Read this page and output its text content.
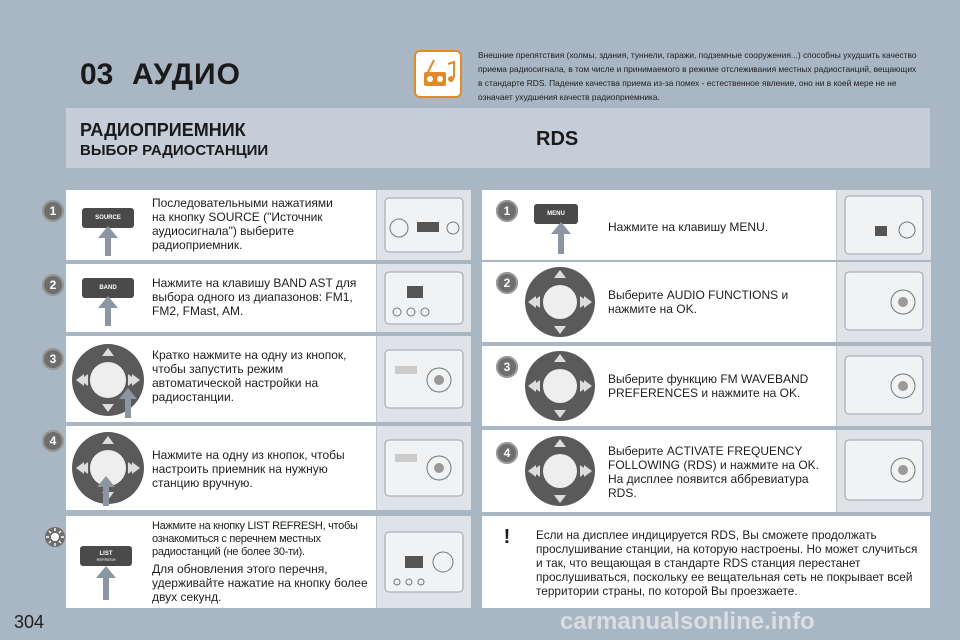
03 АУДИО
Внешние препятствия (холмы, здания, туннели, гаражи, подземные сооружения...) способны ухудшить качество приема радиосигнала, в том числе и принимаемого в режиме отслеживания местных радиостанций, вещающих в стандарте RDS. Падение качества приема из-за помех - естественное явление, оно ни в коей мере не не означает ухудшения качеств радиоприемника.
РАДИОПРИЕМНИК
ВЫБОР РАДИОСТАНЦИИ
RDS
1	SOURCE
Последовательными нажатиями на кнопку SOURCE ("Источник аудиосигнала") выберите радиоприемник.
2	BAND	Нажмите на клавишу BAND AST для выбора одного из диапазонов: FM1, FM2, FMast, AM.
3	Кратко нажмите на одну из кнопок, чтобы запустить режим автоматической настройки на радиостанции.
4
Нажмите на одну из кнопок, чтобы настроить приемник на нужную станцию вручную.
LIST
REFRESH
Нажмите на кнопку LIST REFRESH, чтобы ознакомиться с перечнем местных радиостанций (не более 30-ти).
Для обновления этого перечня, удерживайте нажатие на кнопку более двух секунд.
1	MENU
Нажмите на клавишу MENU.
2
Выберите AUDIO FUNCTIONS и нажмите на OK.
3
Выберите функцию FM WAVEBAND PREFERENCES и нажмите на OK.
4	Выберите ACTIVATE FREQUENCY FOLLOWING (RDS) и нажмите на OK. На дисплее появится аббревиатура RDS.
!	Если на дисплее индицируется RDS, Вы сможете продолжать прослушивание станции, на которую настроены. Но может случиться и так, что вещающая в стандарте RDS станция перестанет прослушиваться, поскольку ее вещательная сеть не покрывает всей территории страны, по которой Вы проезжаете.
304	carmanualsonline.info
